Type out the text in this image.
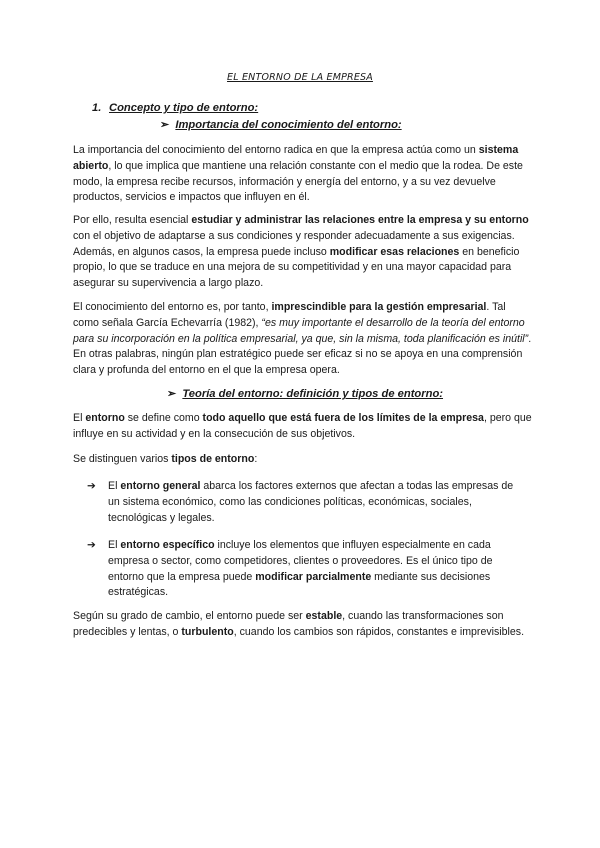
EL ENTORNO DE LA EMPRESA
1. Concepto y tipo de entorno:
➢ Importancia del conocimiento del entorno:

La importancia del conocimiento del entorno radica en que la empresa actúa como un sistema abierto, lo que implica que mantiene una relación constante con el medio que la rodea. De este modo, la empresa recibe recursos, información y energía del entorno, y a su vez devuelve productos, servicios e impactos que influyen en él.

Por ello, resulta esencial estudiar y administrar las relaciones entre la empresa y su entorno con el objetivo de adaptarse a sus condiciones y responder adecuadamente a sus exigencias. Además, en algunos casos, la empresa puede incluso modificar esas relaciones en beneficio propio, lo que se traduce en una mejora de su competitividad y en una mayor capacidad para asegurar su supervivencia a largo plazo.

El conocimiento del entorno es, por tanto, imprescindible para la gestión empresarial. Tal como señala García Echevarría (1982), “es muy importante el desarrollo de la teoría del entorno para su incorporación en la política empresarial, ya que, sin la misma, toda planificación es inútil”. En otras palabras, ningún plan estratégico puede ser eficaz si no se apoya en una comprensión clara y profunda del entorno en el que la empresa opera.

➢ Teoría del entorno: definición y tipos de entorno:

El entorno se define como todo aquello que está fuera de los límites de la empresa, pero que influye en su actividad y en la consecución de sus objetivos.

Se distinguen varios tipos de entorno:

➔	El entorno general abarca los factores externos que afectan a todas las empresas de un sistema económico, como las condiciones políticas, económicas, sociales, tecnológicas y legales.
➔	El entorno específico incluye los elementos que influyen especialmente en cada empresa o sector, como competidores, clientes o proveedores. Es el único tipo de entorno que la empresa puede modificar parcialmente mediante sus decisiones estratégicas.

Según su grado de cambio, el entorno puede ser estable, cuando las transformaciones son predecibles y lentas, o turbulento, cuando los cambios son rápidos, constantes e imprevisibles.
